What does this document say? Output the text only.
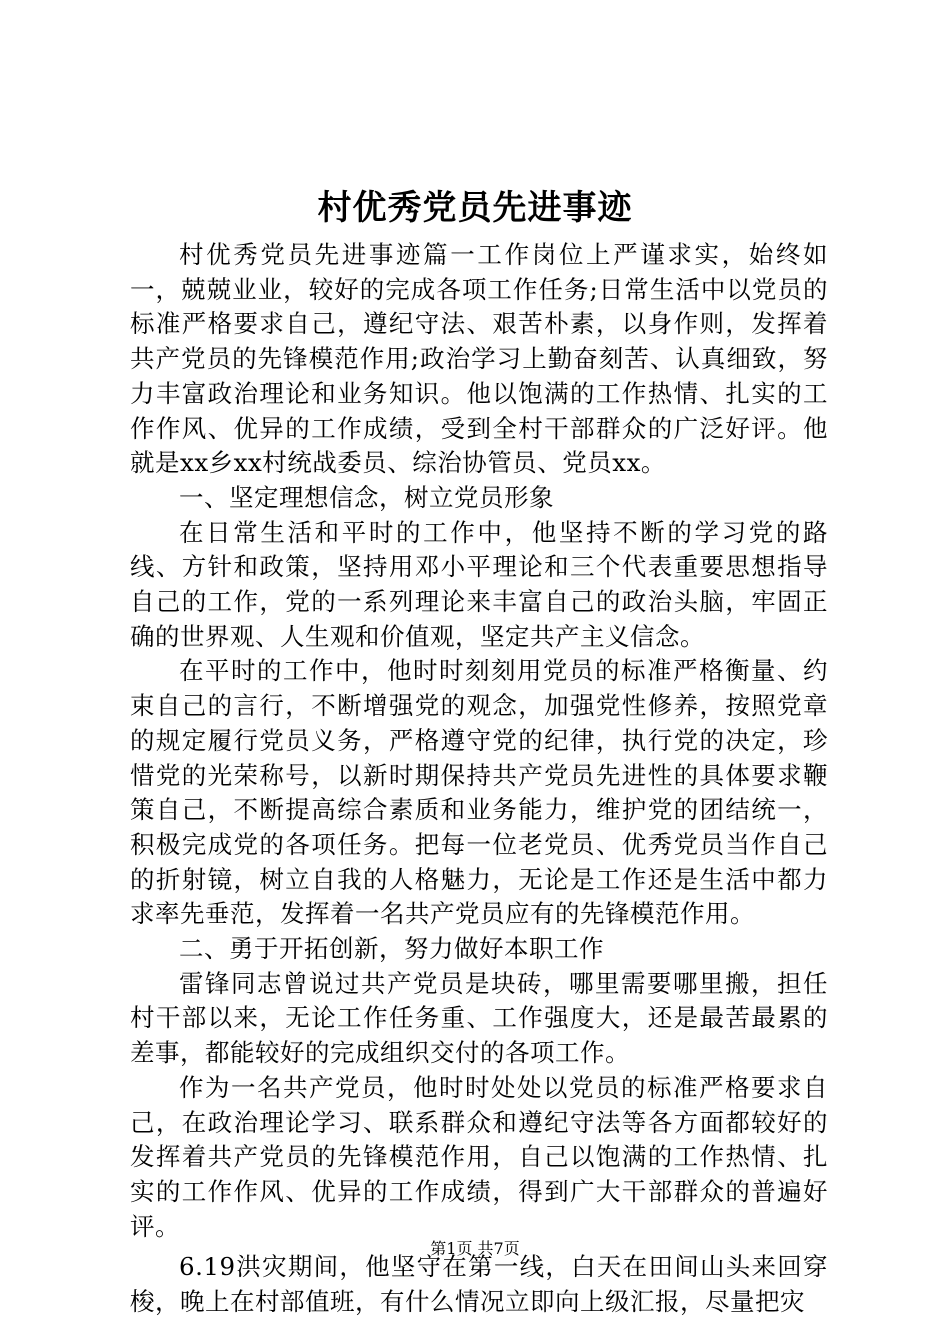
村优秀党员先进事迹

村优秀党员先进事迹篇一工作岗位上严谨求实，始终如一，兢兢业业，较好的完成各项工作任务;日常生活中以党员的标准严格要求自己，遵纪守法、艰苦朴素，以身作则，发挥着共产党员的先锋模范作用;政治学习上勤奋刻苦、认真细致，努力丰富政治理论和业务知识。他以饱满的工作热情、扎实的工作作风、优异的工作成绩，受到全村干部群众的广泛好评。他就是xx乡xx村统战委员、综治协管员、党员xx。

一、坚定理想信念，树立党员形象

在日常生活和平时的工作中，他坚持不断的学习党的路线、方针和政策，坚持用邓小平理论和三个代表重要思想指导自己的工作，党的一系列理论来丰富自己的政治头脑，牢固正确的世界观、人生观和价值观，坚定共产主义信念。

在平时的工作中，他时时刻刻用党员的标准严格衡量、约束自己的言行，不断增强党的观念，加强党性修养，按照党章的规定履行党员义务，严格遵守党的纪律，执行党的决定，珍惜党的光荣称号，以新时期保持共产党员先进性的具体要求鞭策自己，不断提高综合素质和业务能力，维护党的团结统一，积极完成党的各项任务。把每一位老党员、优秀党员当作自己的折射镜，树立自我的人格魅力，无论是工作还是生活中都力求率先垂范，发挥着一名共产党员应有的先锋模范作用。

二、勇于开拓创新，努力做好本职工作

雷锋同志曾说过共产党员是块砖，哪里需要哪里搬，担任村干部以来，无论工作任务重、工作强度大，还是最苦最累的差事，都能较好的完成组织交付的各项工作。

作为一名共产党员，他时时处处以党员的标准严格要求自己，在政治理论学习、联系群众和遵纪守法等各方面都较好的发挥着共产党员的先锋模范作用，自己以饱满的工作热情、扎实的工作作风、优异的工作成绩，得到广大干部群众的普遍好评。

6.19洪灾期间，他坚守在第一线，白天在田间山头来回穿梭，晚上在村部值班，有什么情况立即向上级汇报，尽量把灾

第1页 共7页
